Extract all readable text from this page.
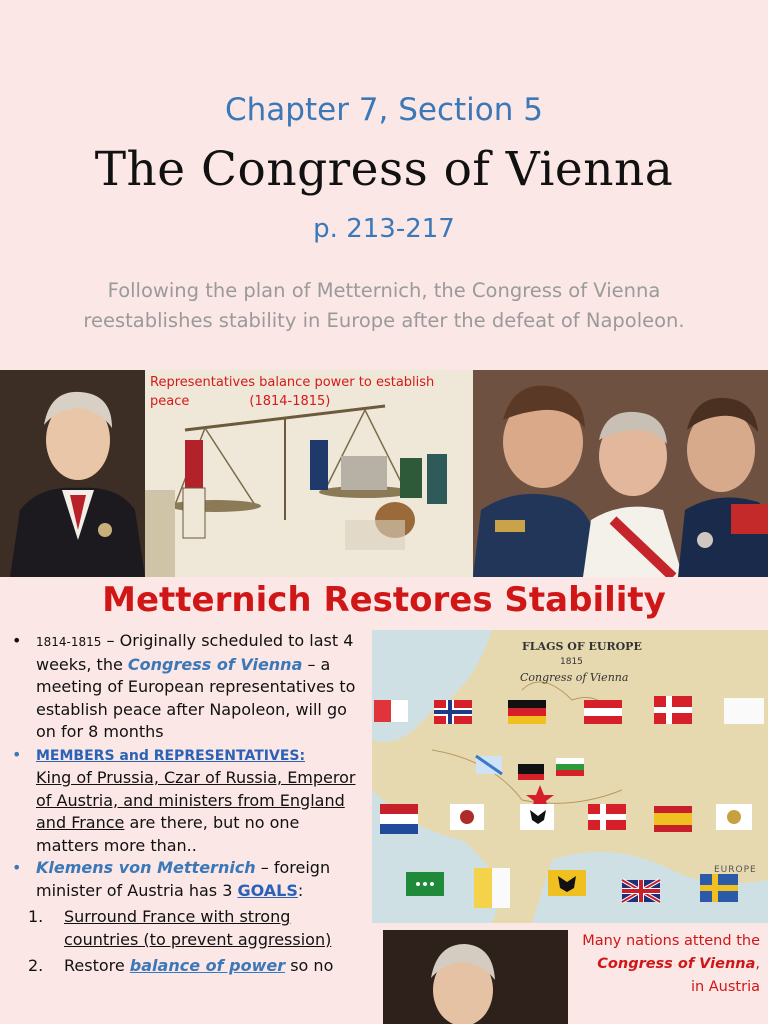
Chapter 7, Section 5
The Congress of Vienna
p. 213-217
Following the plan of Metternich, the Congress of Vienna
reestablishes stability in Europe after the defeat of Napoleon.
Representatives balance power to establish
peace	(1814-1815)
Metternich Restores Stability

• 1814-1815 – Originally scheduled to last 4 weeks, the Congress of Vienna – a meeting of European representatives to establish peace after Napoleon, will go on for 8 months

• MEMBERS and REPRESENTATIVES:
King of Prussia, Czar of Russia, Emperor of Austria, and ministers from England and France are there, but no one matters more than..

• Klemens von Metternich – foreign minister of Austria has 3 GOALS:

1. Surround France with strong countries (to prevent aggression)

2. Restore balance of power so no

FLAGS OF EUROPE
1815
Congress of Vienna
EUROPE
Many nations attend the Congress of Vienna, in Austria
